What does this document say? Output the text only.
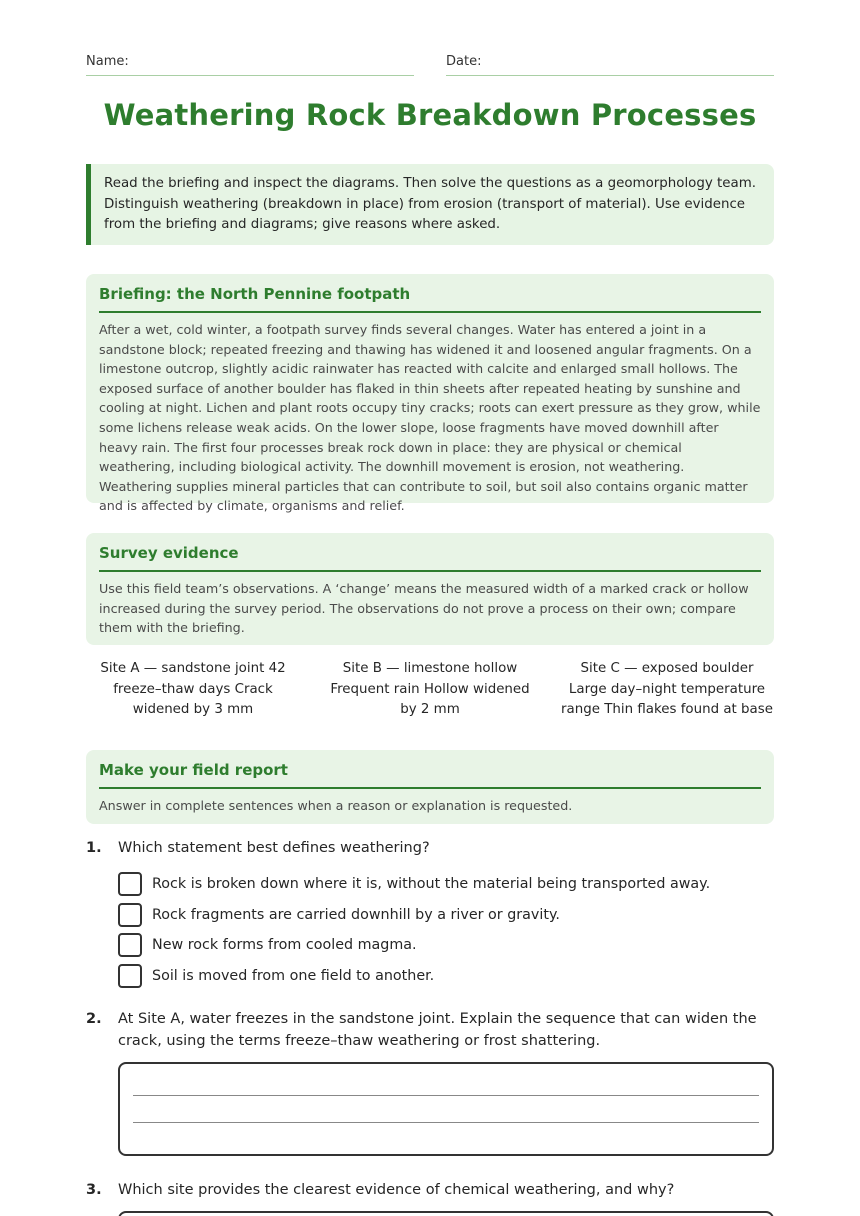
Name:	Date:
Weathering Rock Breakdown Processes
Read the briefing and inspect the diagrams. Then solve the questions as a geomorphology team. Distinguish weathering (breakdown in place) from erosion (transport of material). Use evidence from the briefing and diagrams; give reasons where asked.
Briefing: the North Pennine footpath

After a wet, cold winter, a footpath survey finds several changes. Water has entered a joint in a sandstone block; repeated freezing and thawing has widened it and loosened angular fragments. On a limestone outcrop, slightly acidic rainwater has reacted with calcite and enlarged small hollows. The exposed surface of another boulder has flaked in thin sheets after repeated heating by sunshine and cooling at night. Lichen and plant roots occupy tiny cracks; roots can exert pressure as they grow, while some lichens release weak acids. On the lower slope, loose fragments have moved downhill after heavy rain. The first four processes break rock down in place: they are physical or chemical weathering, including biological activity. The downhill movement is erosion, not weathering. Weathering supplies mineral particles that can contribute to soil, but soil also contains organic matter and is affected by climate, organisms and relief.

Survey evidence

Use this field team’s observations. A ‘change’ means the measured width of a marked crack or hollow increased during the survey period. The observations do not prove a process on their own; compare them with the briefing.

Site A — sandstone joint 42 freeze–thaw days Crack widened by 3 mm
Site B — limestone hollow Frequent rain Hollow widened by 2 mm
Site C — exposed boulder Large day–night temperature range Thin flakes found at base
Make your field report

Answer in complete sentences when a reason or explanation is requested.

1. Which statement best defines weathering?
Rock is broken down where it is, without the material being transported away.
Rock fragments are carried downhill by a river or gravity.
New rock forms from cooled magma.
Soil is moved from one field to another.
2. At Site A, water freezes in the sandstone joint. Explain the sequence that can widen the crack, using the terms freeze–thaw weathering or frost shattering.
3. Which site provides the clearest evidence of chemical weathering, and why?
